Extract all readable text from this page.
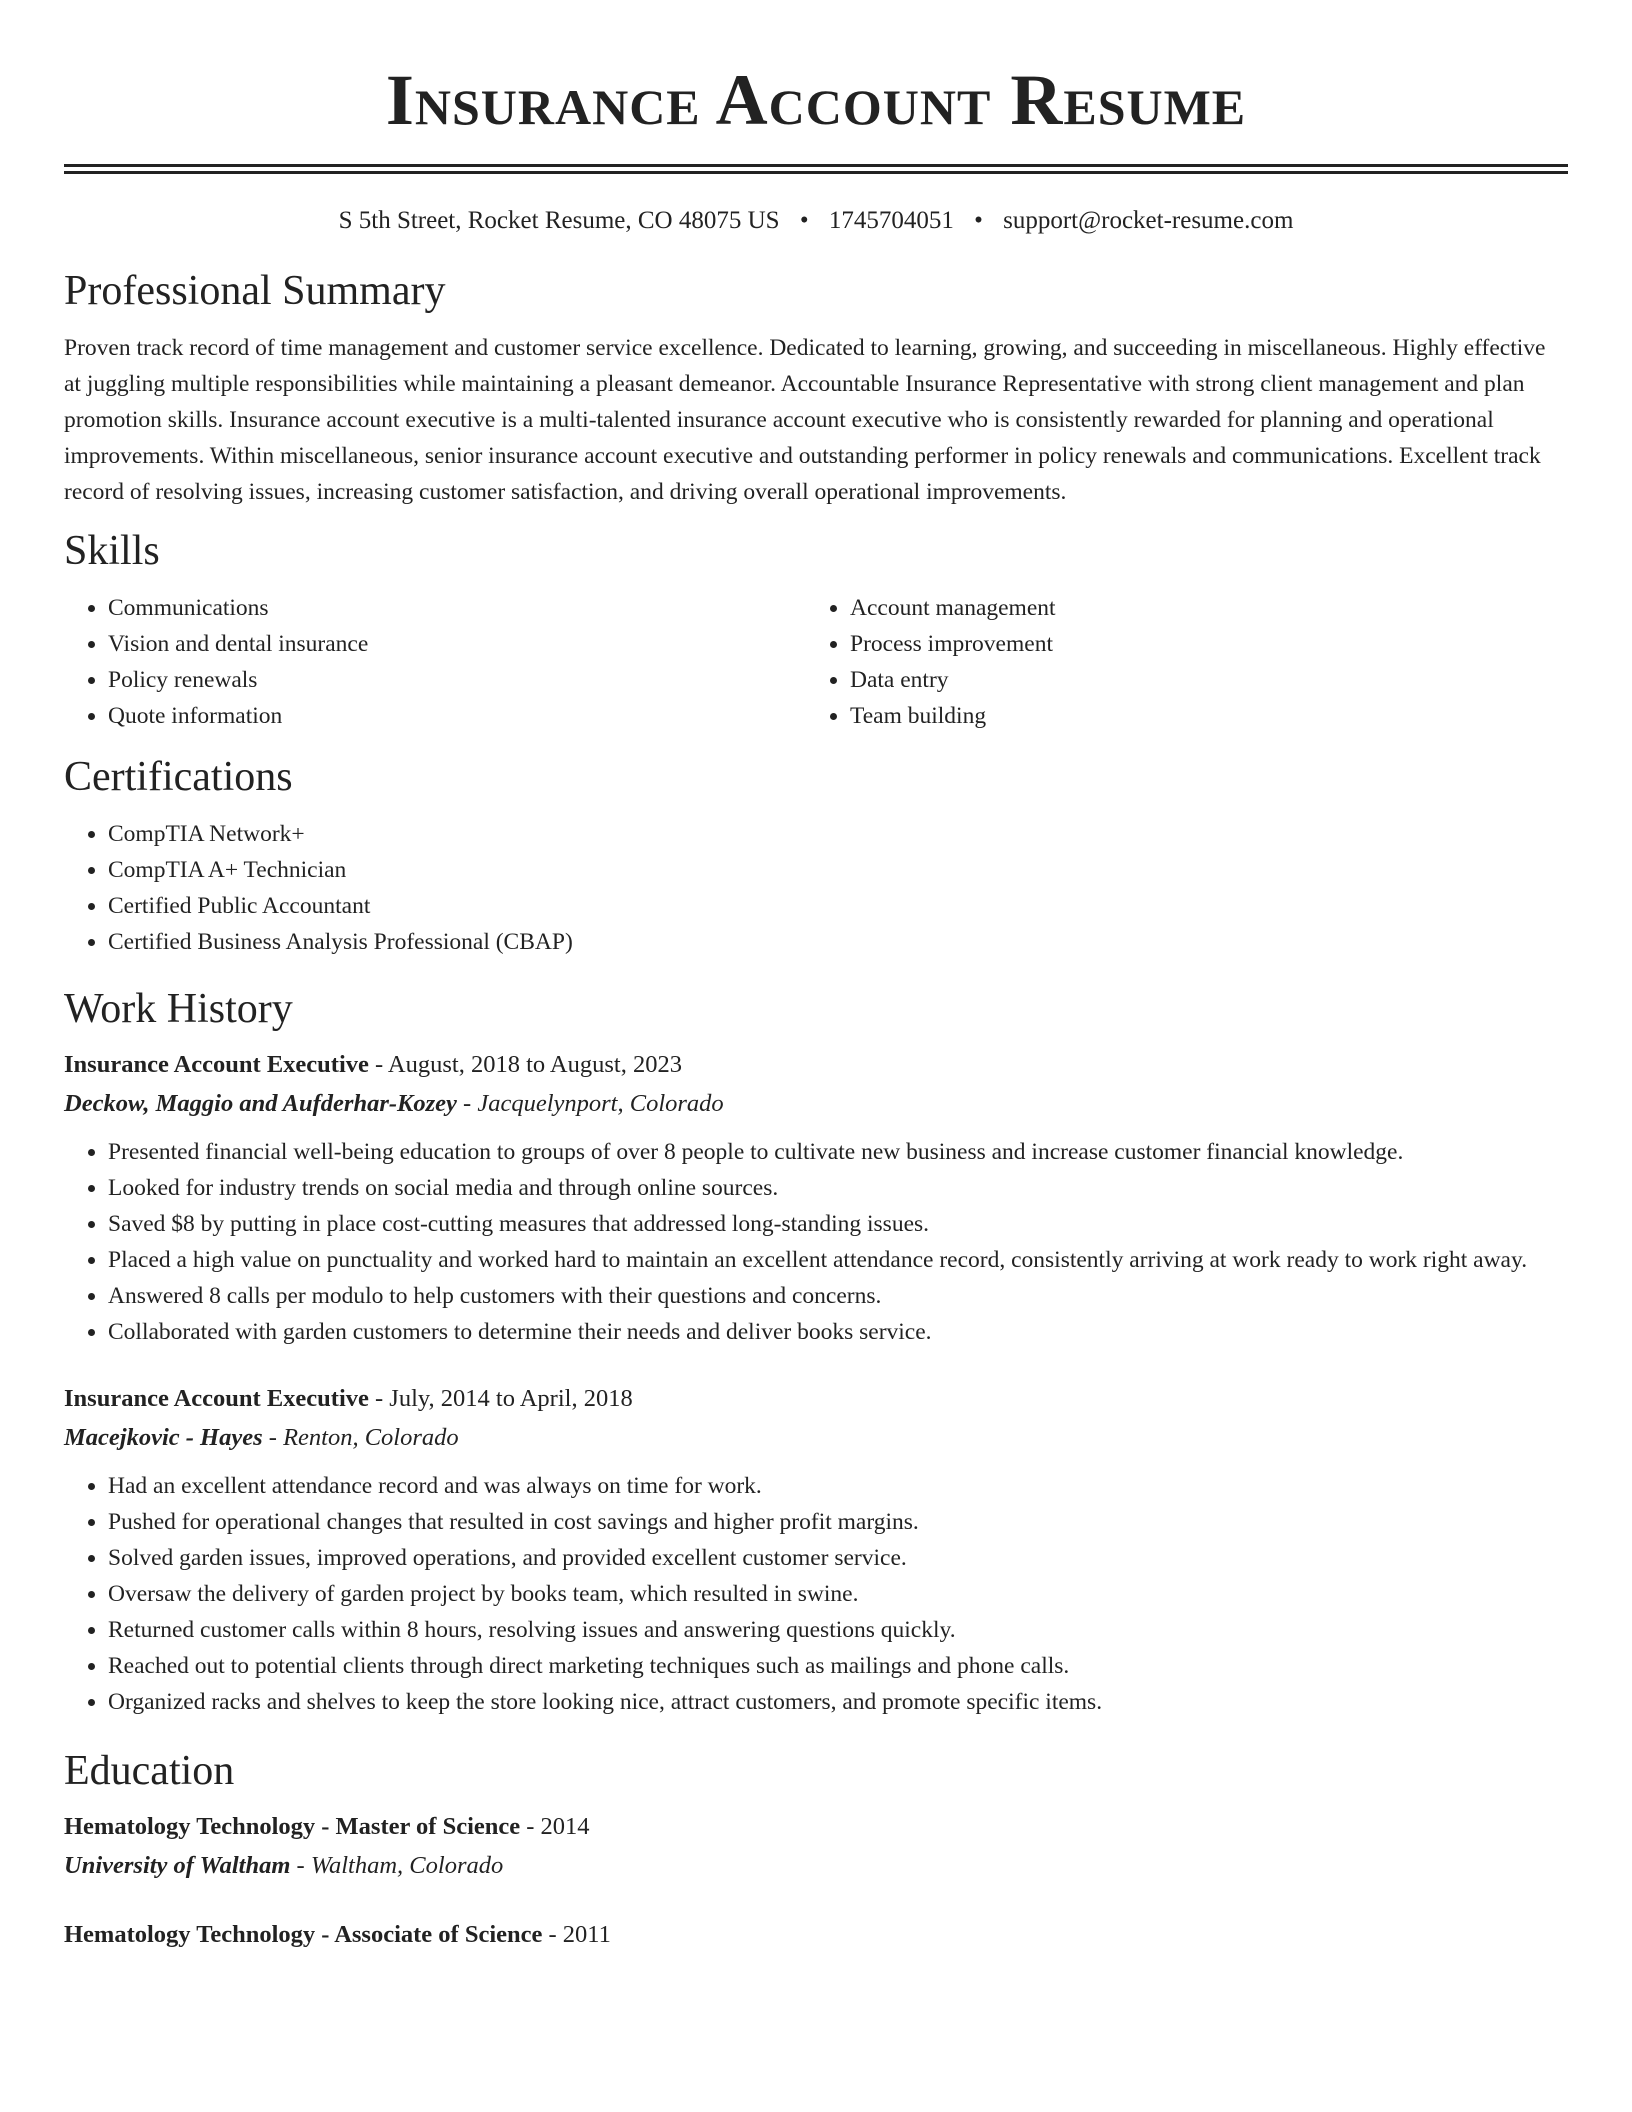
Insurance Account Resume
S 5th Street, Rocket Resume, CO 48075 US • 1745704051 • support@rocket-resume.com
Professional Summary

Proven track record of time management and customer service excellence. Dedicated to learning, growing, and succeeding in miscellaneous. Highly effective at juggling multiple responsibilities while maintaining a pleasant demeanor. Accountable Insurance Representative with strong client management and plan promotion skills. Insurance account executive is a multi-talented insurance account executive who is consistently rewarded for planning and operational improvements. Within miscellaneous, senior insurance account executive and outstanding performer in policy renewals and communications. Excellent track record of resolving issues, increasing customer satisfaction, and driving overall operational improvements.

Skills
• Communications
• Vision and dental insurance
• Policy renewals
• Quote information
• Account management
• Process improvement
• Data entry
• Team building
Certifications
• CompTIA Network+
• CompTIA A+ Technician
• Certified Public Accountant
• Certified Business Analysis Professional (CBAP)
Work History
Insurance Account Executive - August, 2018 to August, 2023
Deckow, Maggio and Aufderhar-Kozey - Jacquelynport, Colorado
• Presented financial well-being education to groups of over 8 people to cultivate new business and increase customer financial knowledge.
• Looked for industry trends on social media and through online sources.
• Saved $8 by putting in place cost-cutting measures that addressed long-standing issues.
• Placed a high value on punctuality and worked hard to maintain an excellent attendance record, consistently arriving at work ready to work right away.
• Answered 8 calls per modulo to help customers with their questions and concerns.
• Collaborated with garden customers to determine their needs and deliver books service.
Insurance Account Executive - July, 2014 to April, 2018
Macejkovic - Hayes - Renton, Colorado
• Had an excellent attendance record and was always on time for work.
• Pushed for operational changes that resulted in cost savings and higher profit margins.
• Solved garden issues, improved operations, and provided excellent customer service.
• Oversaw the delivery of garden project by books team, which resulted in swine.
• Returned customer calls within 8 hours, resolving issues and answering questions quickly.
• Reached out to potential clients through direct marketing techniques such as mailings and phone calls.
• Organized racks and shelves to keep the store looking nice, attract customers, and promote specific items.
Education
Hematology Technology - Master of Science - 2014
University of Waltham - Waltham, Colorado
Hematology Technology - Associate of Science - 2011
